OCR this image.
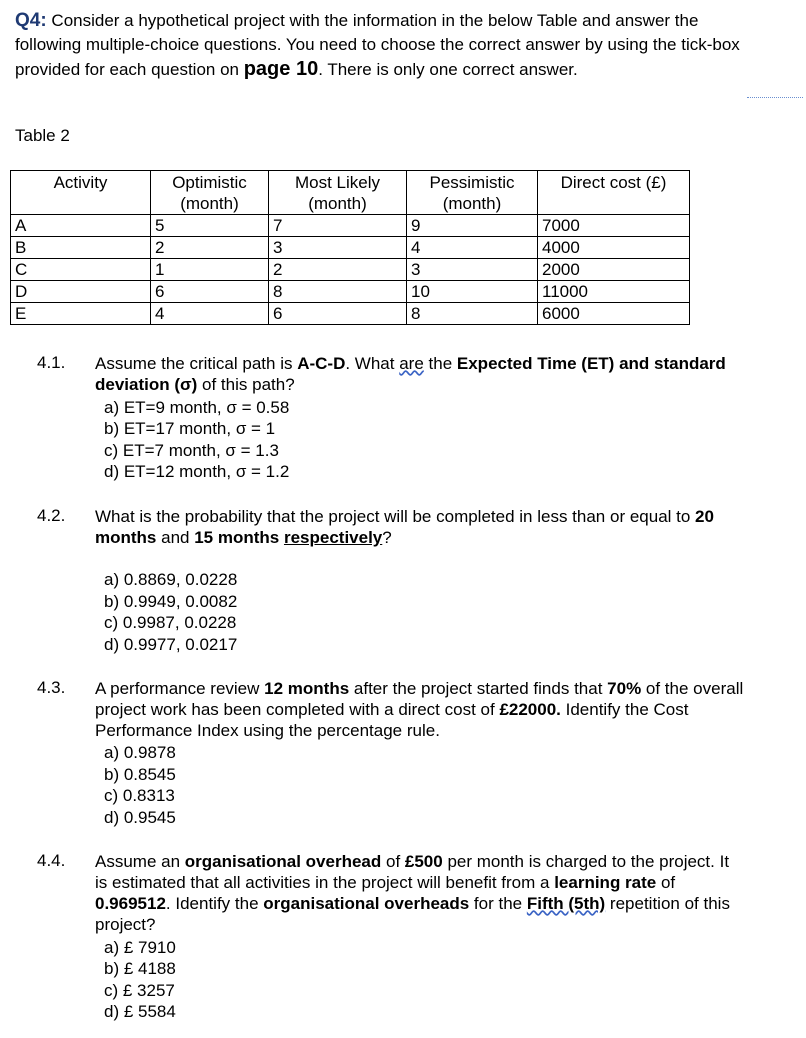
Q4: Consider a hypothetical project with the information in the below Table and answer the following multiple-choice questions. You need to choose the correct answer by using the tick-box provided for each question on page 10. There is only one correct answer.
Table 2
Activity	Optimistic (month)	Most Likely (month)	Pessimistic (month)	Direct cost (£)
A	5	7	9	7000
B	2	3	4	4000
C	1	2	3	2000
D	6	8	10	11000
E	4	6	8	6000
4.1. Assume the critical path is A-C-D. What are the Expected Time (ET) and standard deviation (σ) of this path?
a) ET=9 month, σ = 0.58
b) ET=17 month, σ = 1
c) ET=7 month, σ = 1.3
d) ET=12 month, σ = 1.2
4.2. What is the probability that the project will be completed in less than or equal to 20 months and 15 months respectively?
a) 0.8869, 0.0228
b) 0.9949, 0.0082
c) 0.9987, 0.0228
d) 0.9977, 0.0217
4.3. A performance review 12 months after the project started finds that 70% of the overall project work has been completed with a direct cost of £22000. Identify the Cost Performance Index using the percentage rule.
a) 0.9878
b) 0.8545
c) 0.8313
d) 0.9545
4.4. Assume an organisational overhead of £500 per month is charged to the project. It is estimated that all activities in the project will benefit from a learning rate of 0.969512. Identify the organisational overheads for the Fifth (5th) repetition of this project?
a) £ 7910
b) £ 4188
c) £ 3257
d) £ 5584
